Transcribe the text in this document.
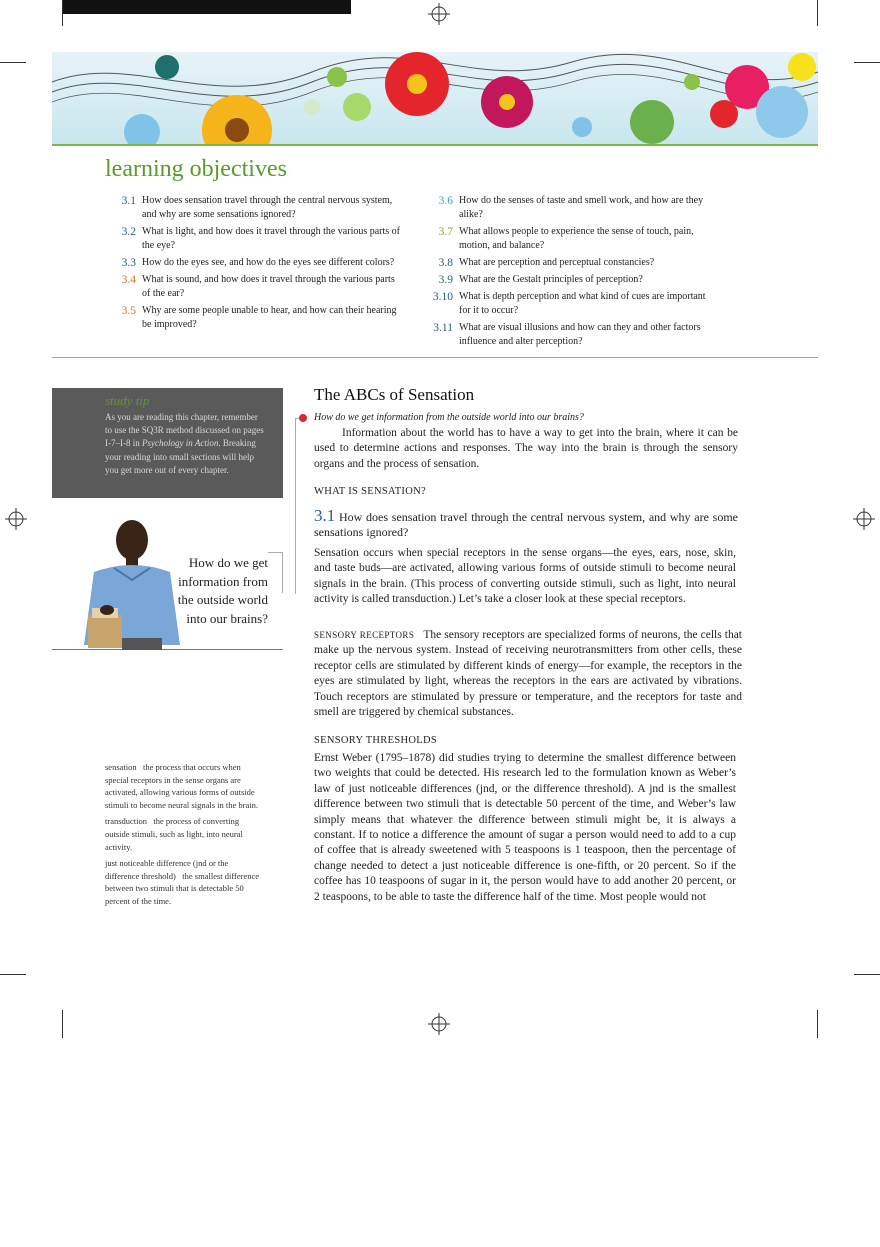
learning objectives
3.1 How does sensation travel through the central nervous system, and why are some sensations ignored?
3.2 What is light, and how does it travel through the various parts of the eye?
3.3 How do the eyes see, and how do the eyes see different colors?
3.4 What is sound, and how does it travel through the various parts of the ear?
3.5 Why are some people unable to hear, and how can their hearing be improved?
3.6 How do the senses of taste and smell work, and how are they alike?
3.7 What allows people to experience the sense of touch, pain, motion, and balance?
3.8 What are perception and perceptual constancies?
3.9 What are the Gestalt principles of perception?
3.10 What is depth perception and what kind of cues are important for it to occur?
3.11 What are visual illusions and how can they and other factors influence and alter perception?
study tip
As you are reading this chapter, remember to use the SQ3R method discussed on pages I-7–I-8 in Psychology in Action. Breaking your reading into small sections will help you get more out of every chapter.
How do we get information from the outside world into our brains?
The ABCs of Sensation
How do we get information from the outside world into our brains?
Information about the world has to have a way to get into the brain, where it can be used to determine actions and responses. The way into the brain is through the sensory organs and the process of sensation.
WHAT IS SENSATION?
3.1 How does sensation travel through the central nervous system, and why are some sensations ignored?
Sensation occurs when special receptors in the sense organs—the eyes, ears, nose, skin, and taste buds—are activated, allowing various forms of outside stimuli to become neural signals in the brain. (This process of converting outside stimuli, such as light, into neural activity is called transduction.) Let’s take a closer look at these special receptors.
SENSORY RECEPTORS The sensory receptors are specialized forms of neurons, the cells that make up the nervous system. Instead of receiving neurotransmitters from other cells, these receptor cells are stimulated by different kinds of energy—for example, the receptors in the eyes are stimulated by light, whereas the receptors in the ears are activated by vibrations. Touch receptors are stimulated by pressure or temperature, and the receptors for taste and smell are triggered by chemical substances.
SENSORY THRESHOLDS
Ernst Weber (1795–1878) did studies trying to determine the smallest difference between two weights that could be detected. His research led to the formulation known as Weber’s law of just noticeable differences (jnd, or the difference threshold). A jnd is the smallest difference between two stimuli that is detectable 50 percent of the time, and Weber’s law simply means that whatever the difference between stimuli might be, it is always a constant. If to notice a difference the amount of sugar a person would need to add to a cup of coffee that is already sweetened with 5 teaspoons is 1 teaspoon, then the percentage of change needed to detect a just noticeable difference is one-fifth, or 20 percent. So if the coffee has 10 teaspoons of sugar in it, the person would have to add another 20 percent, or 2 teaspoons, to be able to taste the difference half of the time. Most people would not
sensation the process that occurs when special receptors in the sense organs are activated, allowing various forms of outside stimuli to become neural signals in the brain.
transduction the process of converting outside stimuli, such as light, into neural activity.
just noticeable difference (jnd or the difference threshold) the smallest difference between two stimuli that is detectable 50 percent of the time.
